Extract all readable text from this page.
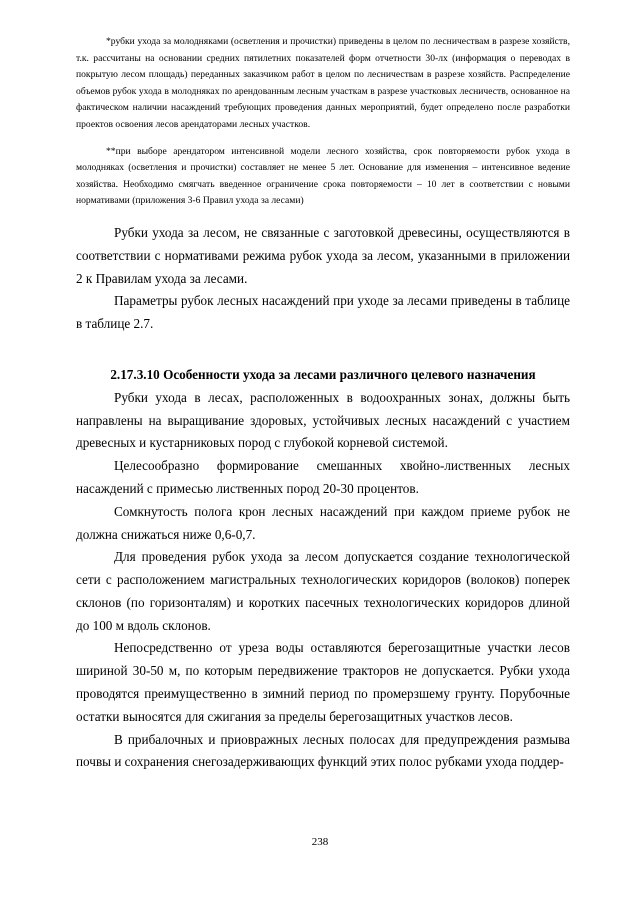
*рубки ухода за молодняками (осветления и прочистки) приведены в целом по лесничествам в разрезе хозяйств, т.к. рассчитаны на основании средних пятилетних показателей форм отчетности 30-лх (информация о переводах в покрытую лесом площадь) переданных заказчиком работ в целом по лесничествам в разрезе хозяйств. Распределение объемов рубок ухода в молодняках по арендованным лесным участкам в разрезе участковых лесничеств, основанное на фактическом наличии насаждений требующих проведения данных мероприятий, будет определено после разработки проектов освоения лесов арендаторами лесных участков.

**при выборе арендатором интенсивной модели лесного хозяйства, срок повторяемости рубок ухода в молодняках (осветления и прочистки) составляет не менее 5 лет. Основание для изменения – интенсивное ведение хозяйства. Необходимо смягчать введенное ограничение срока повторяемости – 10 лет в соответствии с новыми нормативами (приложения 3-6 Правил ухода за лесами)

Рубки ухода за лесом, не связанные с заготовкой древесины, осуществляются в соответствии с нормативами режима рубок ухода за лесом, указанными в приложении 2 к Правилам ухода за лесами.

Параметры рубок лесных насаждений при уходе за лесами приведены в таблице в таблице 2.7.

2.17.3.10 Особенности ухода за лесами различного целевого назначения

Рубки ухода в лесах, расположенных в водоохранных зонах, должны быть направлены на выращивание здоровых, устойчивых лесных насаждений с участием древесных и кустарниковых пород с глубокой корневой системой.

Целесообразно формирование смешанных хвойно-лиственных лесных насаждений с примесью лиственных пород 20-30 процентов.

Сомкнутость полога крон лесных насаждений при каждом приеме рубок не должна снижаться ниже 0,6-0,7.

Для проведения рубок ухода за лесом допускается создание технологической сети с расположением магистральных технологических коридоров (волоков) поперек склонов (по горизонталям) и коротких пасечных технологических коридоров длиной до 100 м вдоль склонов.

Непосредственно от уреза воды оставляются берегозащитные участки лесов шириной 30-50 м, по которым передвижение тракторов не допускается. Рубки ухода проводятся преимущественно в зимний период по промерзшему грунту. Порубочные остатки выносятся для сжигания за пределы берегозащитных участков лесов.

В прибалочных и приовражных лесных полосах для предупреждения размыва почвы и сохранения снегозадерживающих функций этих полос рубками ухода поддер-

238
